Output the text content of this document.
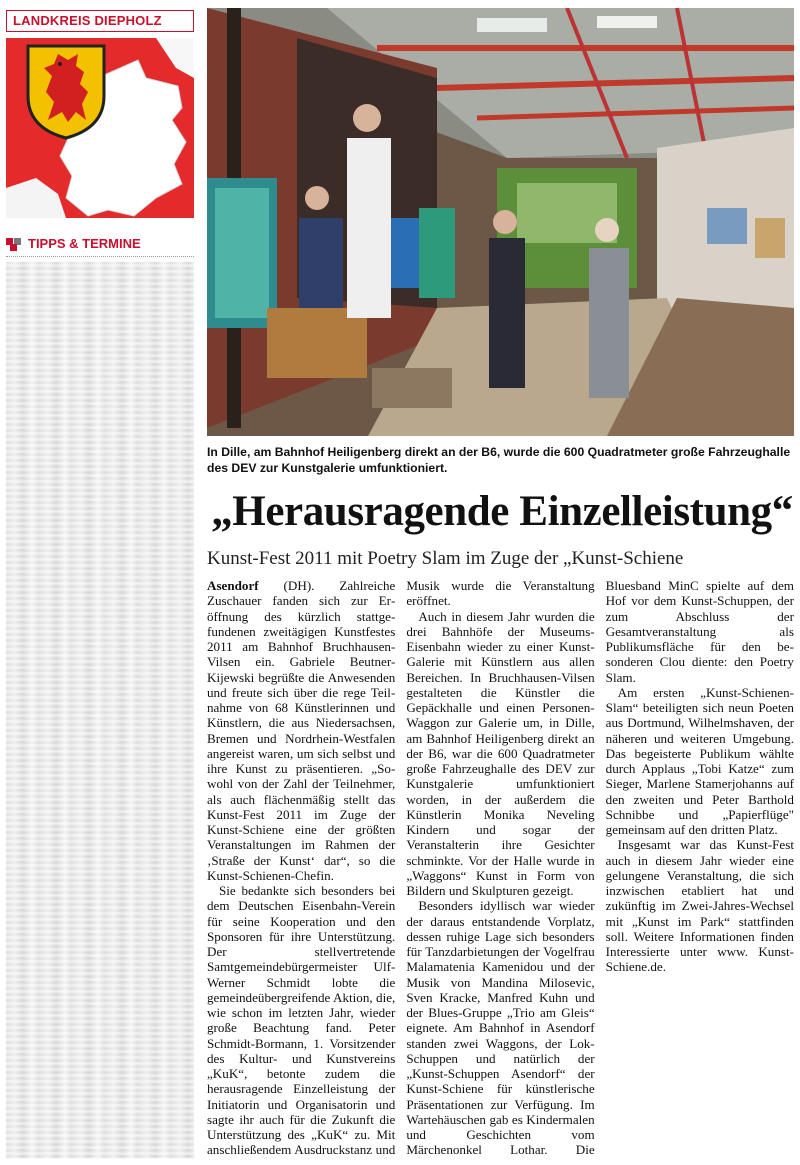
LANDKREIS DIEPHOLZ
TIPPS & TERMINE
In Dille, am Bahnhof Heiligenberg direkt an der B6, wurde die 600 Quadratmeter große Fahrzeughalle des DEV zur Kunstgalerie umfunktioniert.
„Herausragende Einzelleistung“
Kunst-Fest 2011 mit Poetry Slam im Zuge der „Kunst-Schiene

Asendorf (DH). Zahlreiche Zuschauer fanden sich zur Eröffnung des kürzlich stattgefundenen zweitägigen Kunstfestes 2011 am Bahnhof Bruchhausen-Vilsen ein. Gabriele Beutner-Kijewski begrüßte die Anwesenden und freute sich über die rege Teilnahme von 68 Künstlerinnen und Künstlern, die aus Niedersachsen, Bremen und Nordrhein-Westfalen angereist waren, um sich selbst und ihre Kunst zu präsentieren. „Sowohl von der Zahl der Teilnehmer, als auch flächenmäßig stellt das Kunst-Fest 2011 im Zuge der Kunst-Schiene eine der größten Veranstaltungen im Rahmen der ‚Straße der Kunst‘ dar“, so die Kunst-Schienen-Chefin.

Sie bedankte sich besonders bei dem Deutschen Eisenbahn-Verein für seine Kooperation und den Sponsoren für ihre Unterstützung. Der stellvertretende Samtgemeindebürgermeister Ulf-Werner Schmidt lobte die gemeindeübergreifende Aktion, die, wie schon im letzten Jahr, wieder große Beachtung fand. Peter Schmidt-Bormann, 1. Vorsitzender des Kultur- und Kunstvereins „KuK“, betonte zudem die herausragende Einzelleistung der Initiatorin und Organisatorin und sagte ihr auch für die Zukunft die Unterstützung des „KuK“ zu. Mit anschließendem Ausdruckstanz und Musik wurde die Veranstaltung eröffnet.

Auch in diesem Jahr wurden die drei Bahnhöfe der Museums-Eisenbahn wieder zu einer Kunst-Galerie mit Künstlern aus allen Bereichen. In Bruchhausen-Vilsen gestalteten die Künstler die Gepäckhalle und einen Personen-Waggon zur Galerie um, in Dille, am Bahnhof Heiligenberg direkt an der B6, war die 600 Quadratmeter große Fahrzeughalle des DEV zur Kunstgalerie umfunktioniert worden, in der außerdem die Künstlerin Monika Neveling Kindern und sogar der Veranstalterin ihre Gesichter schminkte. Vor der Halle wurde in „Waggons“ Kunst in Form von Bildern und Skulpturen gezeigt.

Besonders idyllisch war wieder der daraus entstandende Vorplatz, dessen ruhige Lage sich besonders für Tanzdarbietungen der Vogelfrau Malamatenia Kamenidou und der Musik von Mandina Milosevic, Sven Kracke, Manfred Kuhn und der Blues-Gruppe „Trio am Gleis“ eignete. Am Bahnhof in Asendorf standen zwei Waggons, der Lok-Schuppen und natürlich der „Kunst-Schuppen Asendorf“ der Kunst-Schiene für künstlerische Präsentationen zur Verfügung. Im Wartehäuschen gab es Kindermalen und Geschichten vom Märchenonkel Lothar. Die Bluesband MinC spielte auf dem Hof vor dem Kunst-Schuppen, der zum Abschluss der Gesamtveranstaltung als Publikumsfläche für den besonderen Clou diente: den Poetry Slam.

Am ersten „Kunst-Schienen-Slam“ beteiligten sich neun Poeten aus Dortmund, Wilhelmshaven, der näheren und weiteren Umgebung. Das begeisterte Publikum wählte durch Applaus „Tobi Katze“ zum Sieger, Marlene Stamerjohanns auf den zweiten und Peter Barthold Schnibbe und „Papierflüge" gemeinsam auf den dritten Platz.

Insgesamt war das Kunst-Fest auch in diesem Jahr wieder eine gelungene Veranstaltung, die sich inzwischen etabliert hat und zukünftig im Zwei-Jahres-Wechsel mit „Kunst im Park“ stattfinden soll. Weitere Informationen finden Interessierte unter www. Kunst-Schiene.de.
